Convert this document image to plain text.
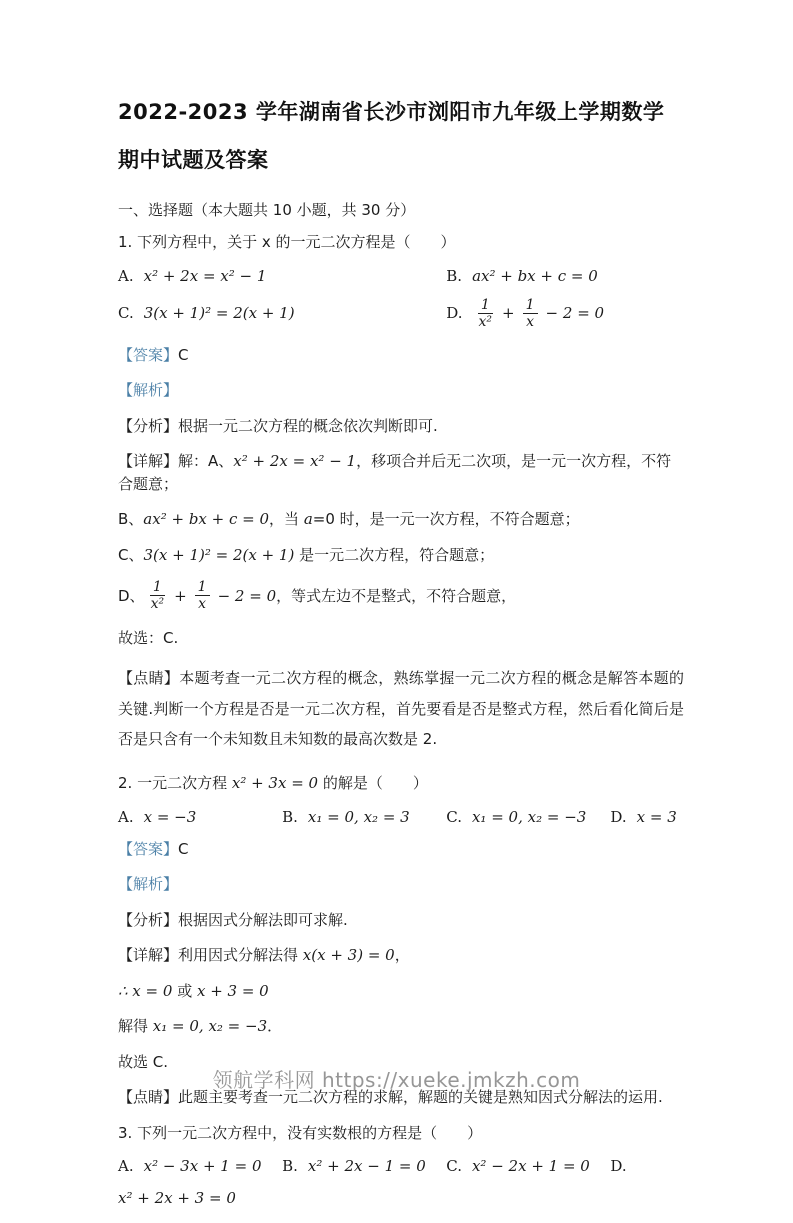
2022-2023 学年湖南省长沙市浏阳市九年级上学期数学期中试题及答案

一、选择题（本大题共 10 小题，共 30 分）

1. 下列方程中，关于 x 的一元二次方程是（　　）

A. x² + 2x = x² − 1	B. ax² + bx + c = 0
C. 3(x + 1)² = 2(x + 1)	D. $\frac{1}{\text{x²}} + \frac{1}{x} - 2 = 0$

【答案】C

【解析】

【分析】根据一元二次方程的概念依次判断即可.

【详解】解：A、x² + 2x = x² − 1，移项合并后无二次项，是一元一次方程，不符合题意；

B、ax² + bx + c = 0，当 a=0 时，是一元一次方程，不符合题意；

C、3(x + 1)² = 2(x + 1) 是一元二次方程，符合题意；

D、 $\frac{1}{\text{x²}} + \frac{1}{x} - 2 = 0$ ，等式左边不是整式，不符合题意，

故选：C.

【点睛】本题考查一元二次方程的概念，熟练掌握一元二次方程的概念是解答本题的关键.判断一个方程是否是一元二次方程，首先要看是否是整式方程，然后看化简后是否是只含有一个未知数且未知数的最高次数是 2.

2. 一元二次方程 x² + 3x = 0 的解是（　　）

A. x = −3	B. x₁ = 0, x₂ = 3 C. x₁ = 0, x₂ = −3 D. x = 3

【答案】C

【解析】

【分析】根据因式分解法即可求解.

【详解】利用因式分解法得 x(x + 3) = 0，

∴ x = 0 或 x + 3 = 0

解得 x₁ = 0, x₂ = −3．

故选 C.

【点睛】此题主要考查一元二次方程的求解，解题的关键是熟知因式分解法的运用.

3. 下列一元二次方程中，没有实数根的方程是（　　）

A. x² − 3x + 1 = 0 B. x² + 2x − 1 = 0 C. x² − 2x + 1 = 0 D.

x² + 2x + 3 = 0

领航学科网 https://xueke.jmkzh.com
